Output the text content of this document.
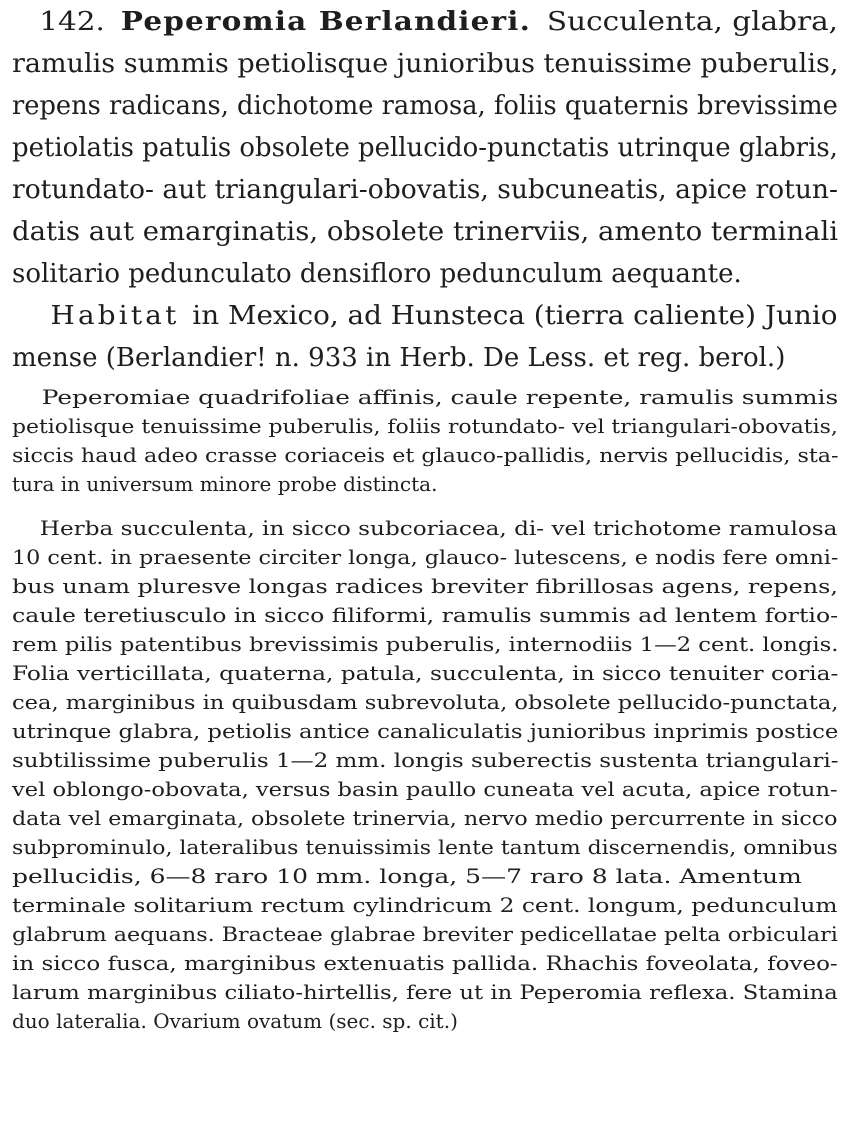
142. Peperomia Berlandieri. Succulenta, glabra,
ramulis summis petiolisque junioribus tenuissime puberulis,
repens radicans, dichotome ramosa, foliis quaternis brevissime
petiolatis patulis obsolete pellucido-punctatis utrinque glabris,
rotundato- aut triangulari-obovatis, subcuneatis, apice rotun-
datis aut emarginatis, obsolete trinerviis, amento terminali
solitario pedunculato densifloro pedunculum aequante.
Habitat in Mexico, ad Hunsteca (tierra caliente) Junio
mense (Berlandier! n. 933 in Herb. De Less. et reg. berol.)
Peperomiae quadrifoliae affinis, caule repente, ramulis summis
petiolisque tenuissime puberulis, foliis rotundato- vel triangulari-obovatis,
siccis haud adeo crasse coriaceis et glauco-pallidis, nervis pellucidis, sta-
tura in universum minore probe distincta.
Herba succulenta, in sicco subcoriacea, di- vel trichotome ramulosa
10 cent. in praesente circiter longa, glauco- lutescens, e nodis fere omni-
bus unam pluresve longas radices breviter fibrillosas agens, repens,
caule teretiusculo in sicco filiformi, ramulis summis ad lentem fortio-
rem pilis patentibus brevissimis puberulis, internodiis 1—2 cent. longis.
Folia verticillata, quaterna, patula, succulenta, in sicco tenuiter coria-
cea, marginibus in quibusdam subrevoluta, obsolete pellucido-punctata,
utrinque glabra, petiolis antice canaliculatis junioribus inprimis postice
subtilissime puberulis 1—2 mm. longis suberectis sustenta triangulari-
vel oblongo-obovata, versus basin paullo cuneata vel acuta, apice rotun-
data vel emarginata, obsolete trinervia, nervo medio percurrente in sicco
subprominulo, lateralibus tenuissimis lente tantum discernendis, omnibus
pellucidis, 6—8 raro 10 mm. longa, 5—7 raro 8 lata. Amentum
terminale solitarium rectum cylindricum 2 cent. longum, pedunculum
glabrum aequans. Bracteae glabrae breviter pedicellatae pelta orbiculari
in sicco fusca, marginibus extenuatis pallida. Rhachis foveolata, foveo-
larum marginibus ciliato-hirtellis, fere ut in Peperomia reflexa. Stamina
duo lateralia. Ovarium ovatum (sec. sp. cit.)
